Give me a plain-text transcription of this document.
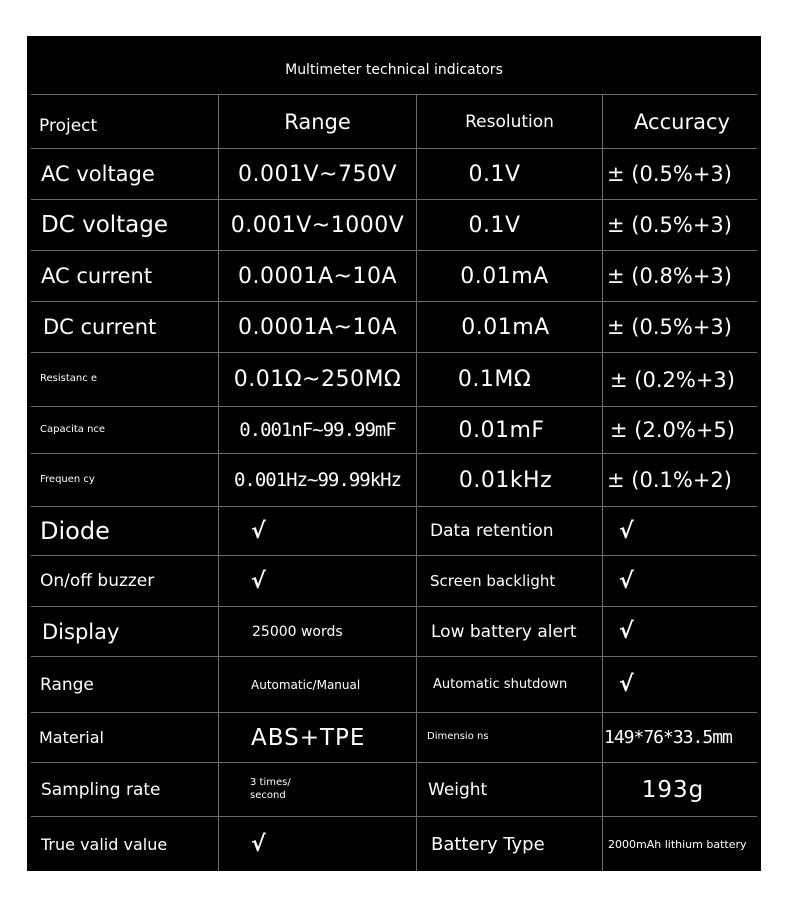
Multimeter technical indicators
Project	Range	Resolution	Accuracy
AC voltage	0.001V~750V	0.1V	± (0.5%+3)
DC voltage	0.001V~1000V	0.1V	± (0.5%+3)
AC current	0.0001A~10A	0.01mA	± (0.8%+3)
DC current	0.0001A~10A	0.01mA	± (0.5%+3)
Resistanc e	0.01Ω~250MΩ	0.1MΩ	± (0.2%+3)
Capacita nce	0.001nF~99.99mF	0.01mF	± (2.0%+5)
Frequen cy	0.001Hz~99.99kHz	0.01kHz	± (0.1%+2)
Diode	√	Data retention	√
On/off buzzer	√	Screen backlight	√
Display	25000 words	Low battery alert	√
Range	Automatic/Manual	Automatic shutdown	√
Material	ABS+TPE	Dimensio ns	149*76*33.5mm
Sampling rate	3 times/ second	Weight	193g
True valid value	√	Battery Type	2000mAh lithium battery
